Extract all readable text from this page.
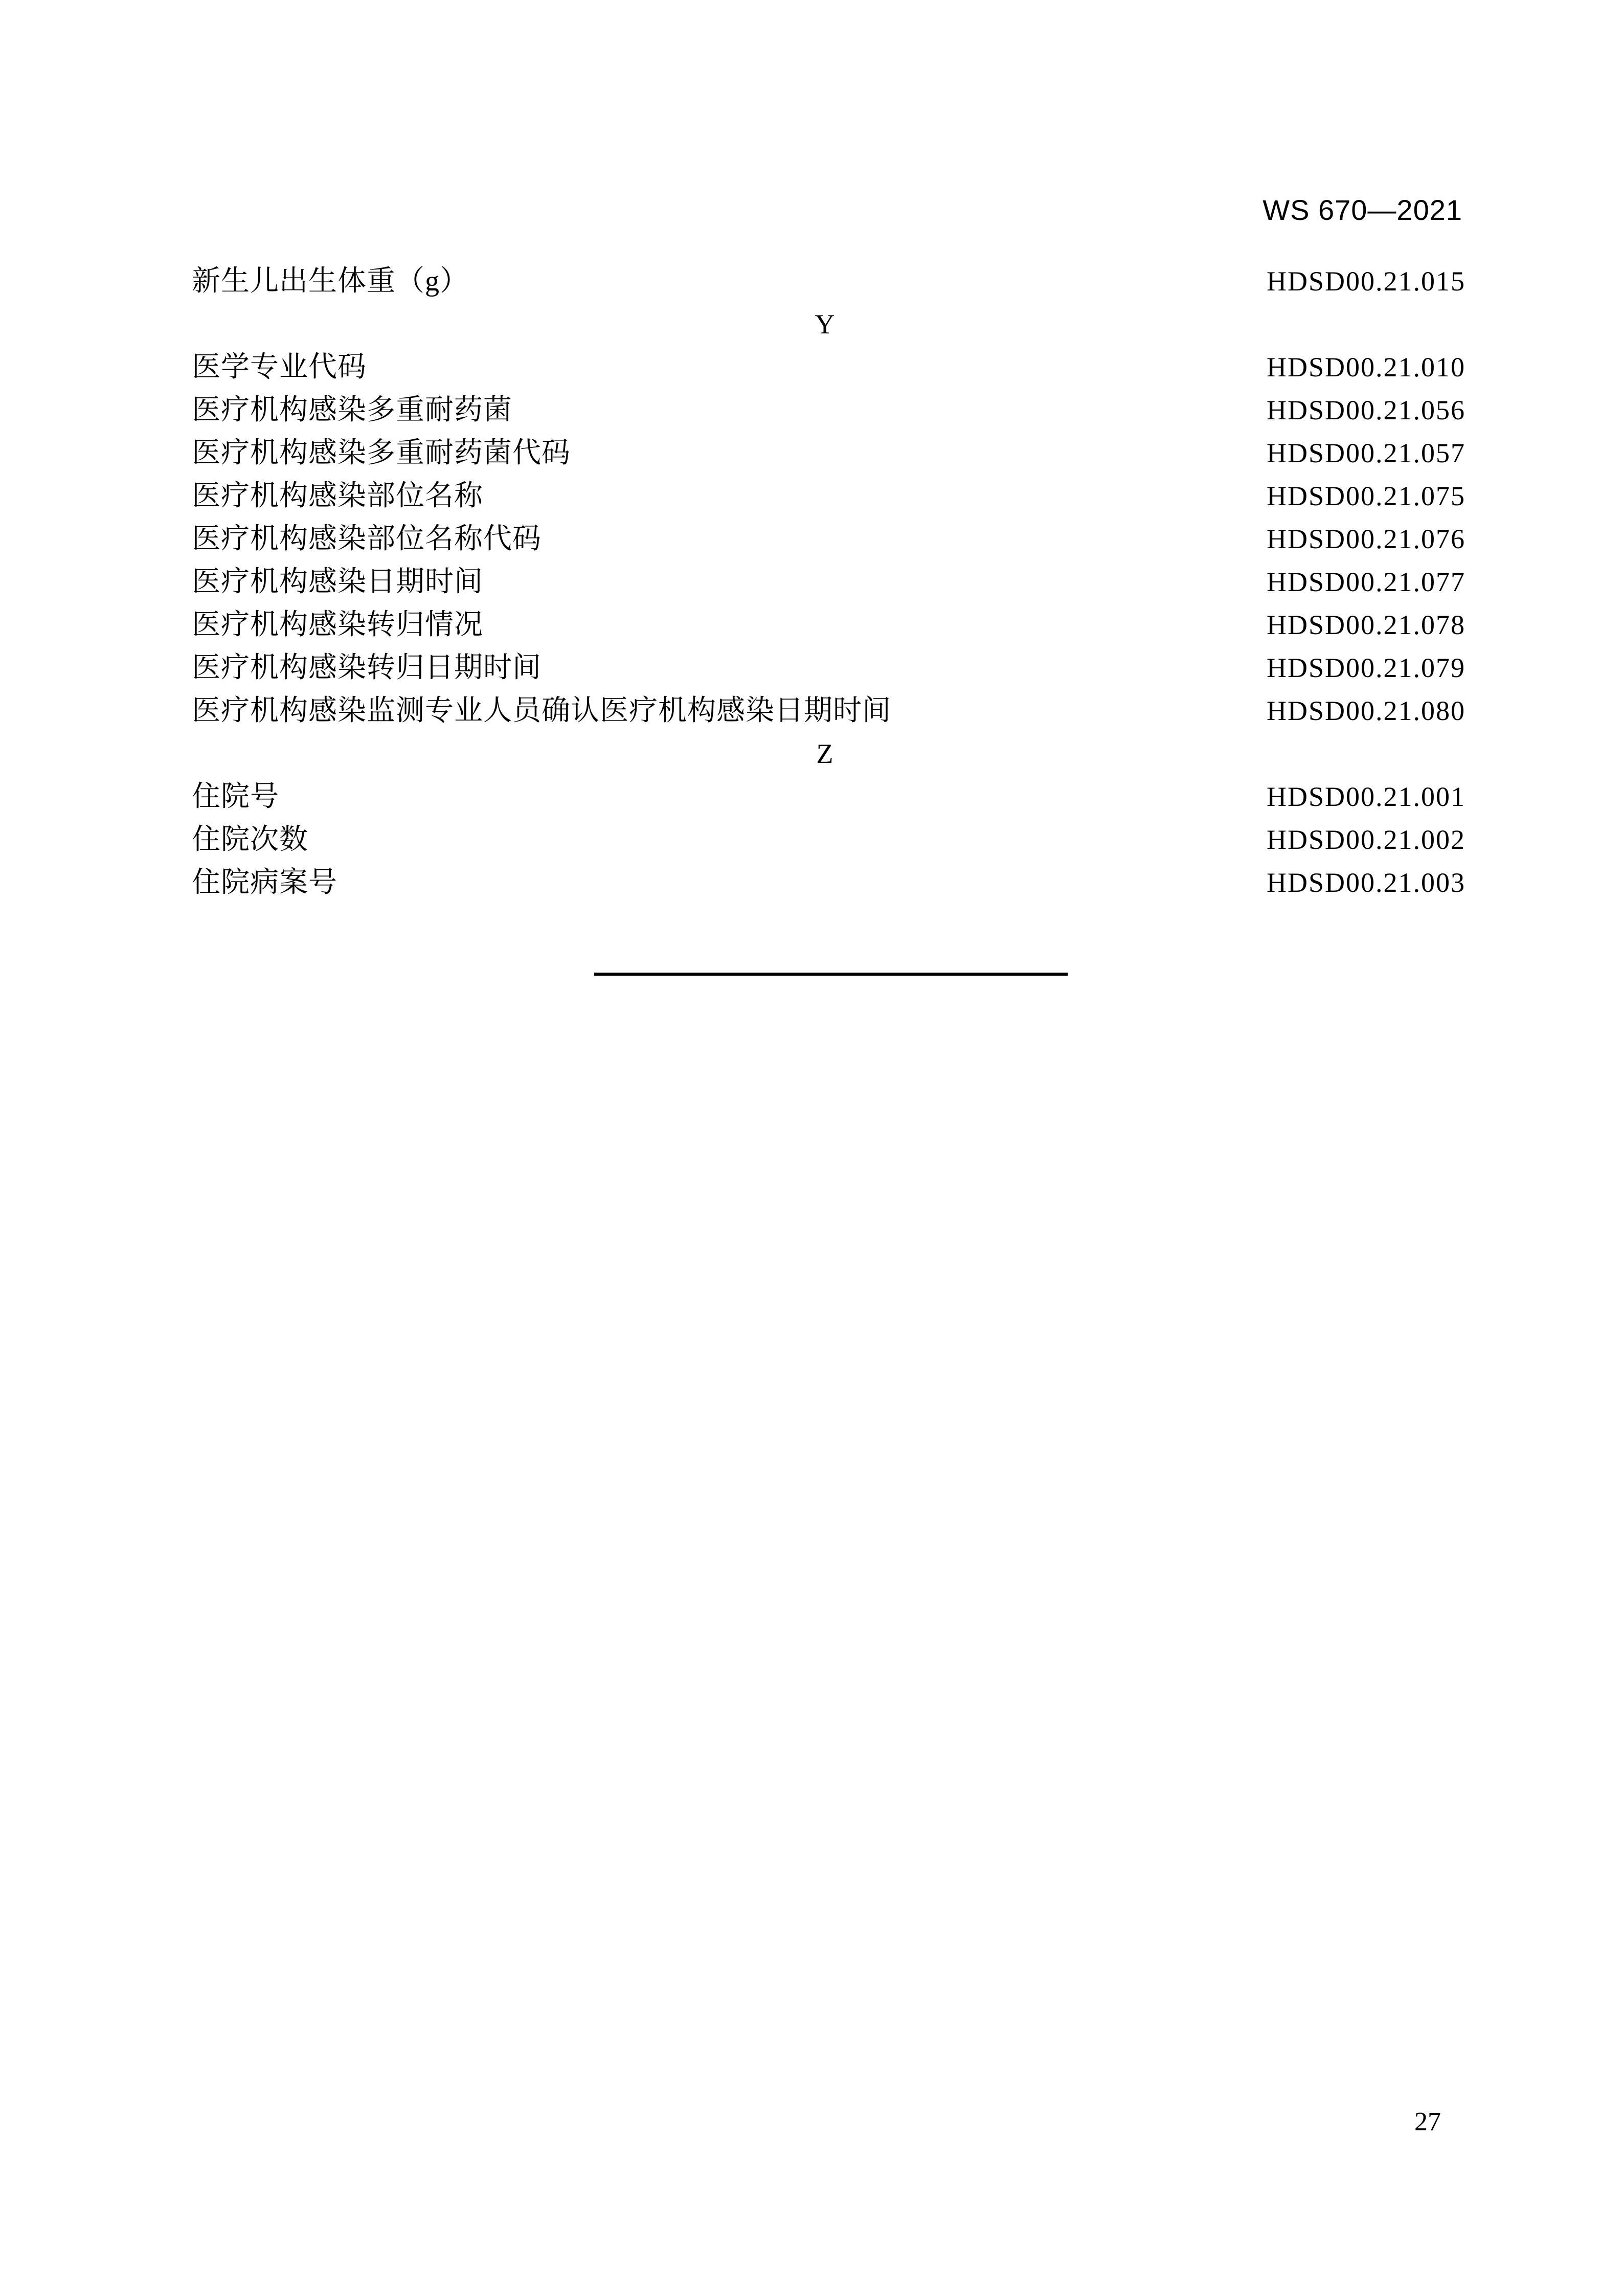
WS 670—2021
新生儿出生体重（g）	HDSD00.21.015
Y
医学专业代码	HDSD00.21.010
医疗机构感染多重耐药菌	HDSD00.21.056
医疗机构感染多重耐药菌代码	HDSD00.21.057
医疗机构感染部位名称	HDSD00.21.075
医疗机构感染部位名称代码	HDSD00.21.076
医疗机构感染日期时间	HDSD00.21.077
医疗机构感染转归情况	HDSD00.21.078
医疗机构感染转归日期时间	HDSD00.21.079
医疗机构感染监测专业人员确认医疗机构感染日期时间	HDSD00.21.080
Z
住院号	HDSD00.21.001
住院次数	HDSD00.21.002
住院病案号	HDSD00.21.003
27
